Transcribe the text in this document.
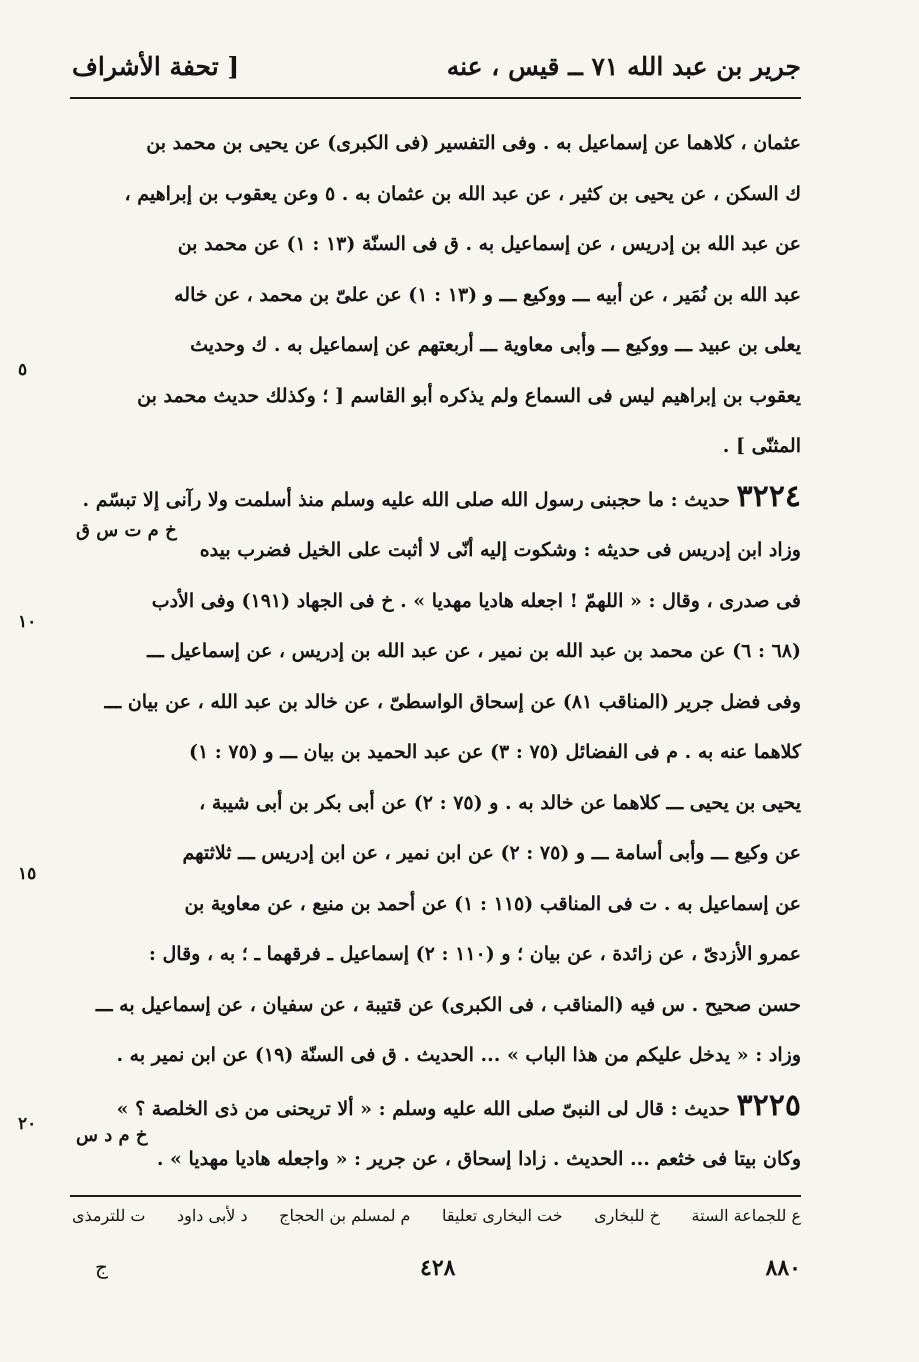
جرير بن عبد الله ٧١ ــ قيس ، عنه
[ تحفة الأشراف

عثمان ، كلاهما عن إسماعيل به . وفى التفسير (فى الكبرى) عن يحيى بن محمد بن

ك السكن ، عن يحيى بن كثير ، عن عبد الله بن عثمان به . ٥ وعن يعقوب بن إبراهيم ،

عن عبد الله بن إدريس ، عن إسماعيل به . ق فى السنّة (١٣ : ١) عن محمد بن

عبد الله بن نُمَير ، عن أبيه ـــ ووكيع ـــ و (١٣ : ١) عن علىّ بن محمد ، عن خاله

يعلى بن عبيد ـــ ووكيع ـــ وأبى معاوية ـــ أربعتهم عن إسماعيل به . ك وحديث

يعقوب بن إبراهيم ليس فى السماع ولم يذكره أبو القاسم [ ؛ وكذلك حديث محمد بن

المثنّى ] .

٣٢٢٤ حديث : ما حجبنى رسول الله صلى الله عليه وسلم منذ أسلمت ولا رآنى إلا تبسّم .

وزاد ابن إدريس فى حديثه : وشكوت إليه أنّى لا أثبت على الخيل فضرب بيده

فى صدرى ، وقال : « اللهمّ ! اجعله هاديا مهديا » . خ فى الجهاد (١٩١) وفى الأدب

(٦٨ : ٦) عن محمد بن عبد الله بن نمير ، عن عبد الله بن إدريس ، عن إسماعيل ـــ

وفى فضل جرير (المناقب ٨١) عن إسحاق الواسطىّ ، عن خالد بن عبد الله ، عن بيان ـــ

كلاهما عنه به . م فى الفضائل (٧٥ : ٣) عن عبد الحميد بن بيان ـــ و (٧٥ : ١)

يحيى بن يحيى ـــ كلاهما عن خالد به . و (٧٥ : ٢) عن أبى بكر بن أبى شيبة ،

عن وكيع ـــ وأبى أسامة ـــ و (٧٥ : ٢) عن ابن نمير ، عن ابن إدريس ـــ ثلاثتهم

عن إسماعيل به . ت فى المناقب (١١٥ : ١) عن أحمد بن منيع ، عن معاوية بن

عمرو الأزدىّ ، عن زائدة ، عن بيان ؛ و (١١٠ : ٢) إسماعيل ـ فرقهما ـ ؛ به ، وقال :

حسن صحيح . س فيه (المناقب ، فى الكبرى) عن قتيبة ، عن سفيان ، عن إسماعيل به ـــ

وزاد : « يدخل عليكم من هذا الباب » ... الحديث . ق فى السنّة (١٩) عن ابن نمير به .

٣٢٢٥ حديث : قال لى النبىّ صلى الله عليه وسلم : « ألا تريحنى من ذى الخلصة ؟ »

وكان بيتا فى خثعم ... الحديث . زادا إسحاق ، عن جرير : « واجعله هاديا مهديا » .

خ م ت س ق
خ م د س
٥
١٠
١٥
٢٠
ع للجماعة الستة
خ للبخارى
خت البخارى تعليقا
م لمسلم بن الحجاج
د لأبى داود
ت للترمذى
٨٨٠
٤٢٨
ج
